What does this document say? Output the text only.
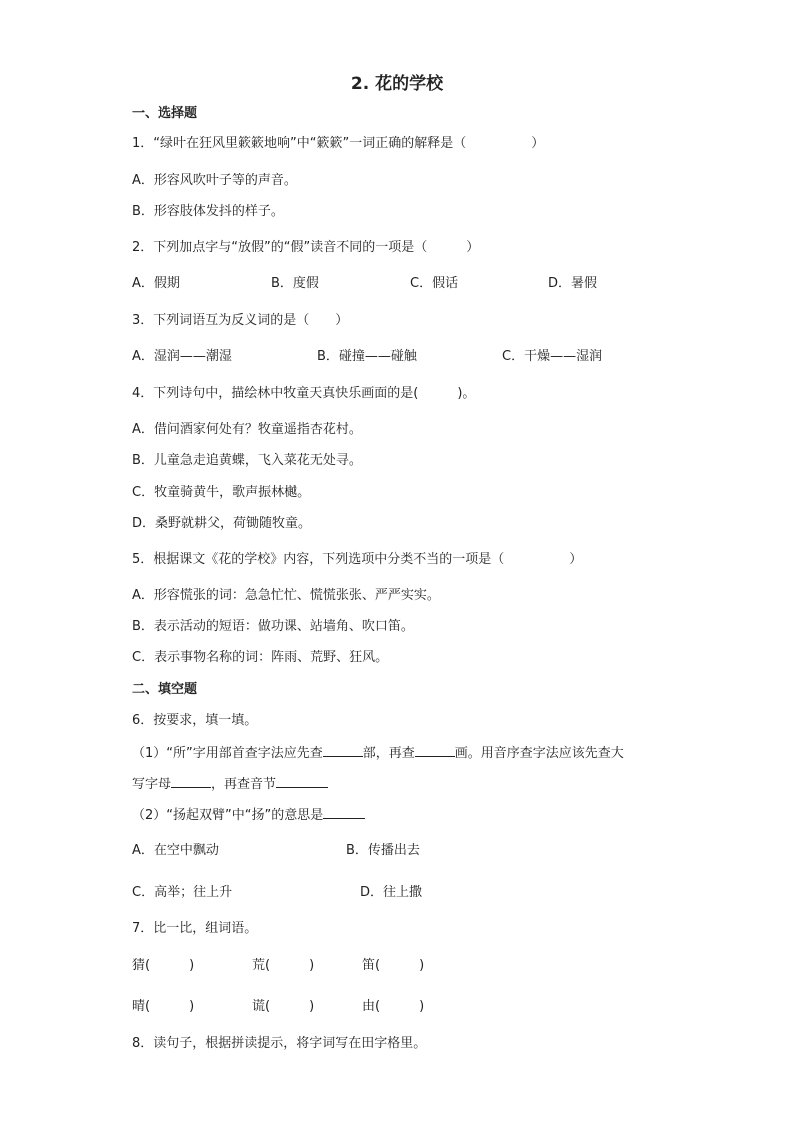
2. 花的学校
一、选择题
1．“绿叶在狂风里簌簌地响”中“簌簌”一词正确的解释是（　　　　　）
A．形容风吹叶子等的声音。
B．形容肢体发抖的样子。
2．下列加点字与“放假”的“假”读音不同的一项是（　　　）
A．假期	B．度假	C．假话	D．暑假
3．下列词语互为反义词的是（　　）
A．湿润——潮湿	B．碰撞——碰触	C．干燥——湿润
4．下列诗句中，描绘林中牧童天真快乐画面的是(　　　)。
A．借问酒家何处有？牧童遥指杏花村。
B．儿童急走追黄蝶，飞入菜花无处寻。
C．牧童骑黄牛，歌声振林樾。
D．桑野就耕父，荷锄随牧童。
5．根据课文《花的学校》内容，下列选项中分类不当的一项是（　　　　　）
A．形容慌张的词：急急忙忙、慌慌张张、严严实实。
B．表示活动的短语：做功课、站墙角、吹口笛。
C．表示事物名称的词：阵雨、荒野、狂风。
二、填空题
6．按要求，填一填。
（1）“所”字用部首查字法应先查	部，再查	画。用音序查字法应该先查大
写字母	，再查音节
（2）“扬起双臂”中“扬”的意思是
A．在空中飘动	B．传播出去
C．高举；往上升	D．往上撒
7．比一比，组词语。
猜(　　　)	荒(　　　)	笛(　　　)
晴(　　　)	谎(　　　)	由(　　　)
8．读句子，根据拼读提示，将字词写在田字格里。
